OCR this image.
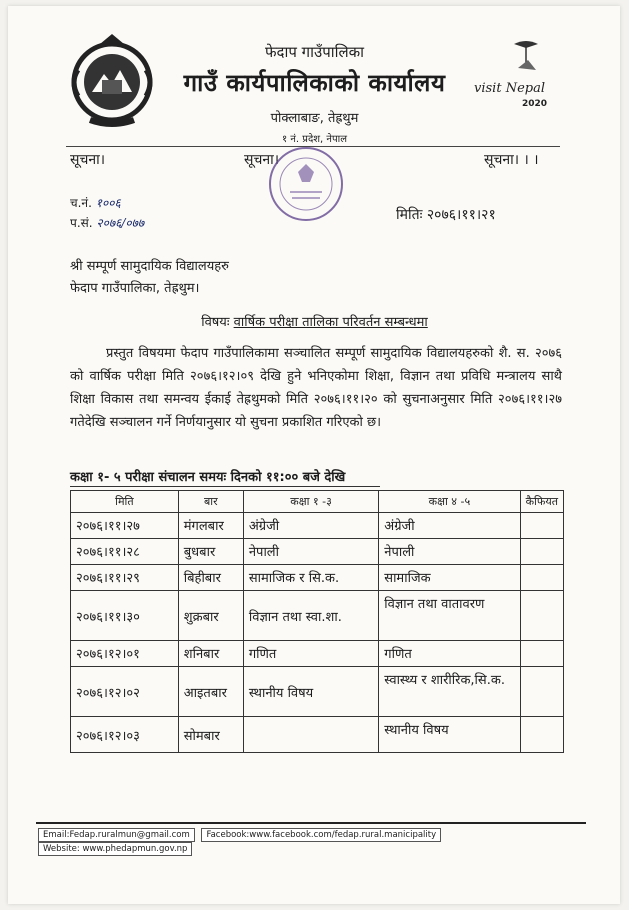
फेदाप गाउँपालिका
गाउँ कार्यपालिकाको कार्यालय
पोक्लाबाङ, तेह्रथुम
१ नं. प्रदेश, नेपाल
visit Nepal
2020
सूचना।	सूचना।	सूचना। । ।
च.नं. १००६
प.सं. २०७६/०७७	मितिः २०७६।११।२१
श्री सम्पूर्ण सामुदायिक विद्यालयहरु
फेदाप गाउँपालिका, तेह्रथुम।
विषयः वार्षिक परीक्षा तालिका परिवर्तन सम्बन्धमा
प्रस्तुत विषयमा फेदाप गाउँपालिकामा सञ्चालित सम्पूर्ण सामुदायिक विद्यालयहरुको शै. स. २०७६ को वार्षिक परीक्षा मिति २०७६।१२।०९ देखि हुने भनिएकोमा शिक्षा, विज्ञान तथा प्रविधि मन्त्रालय साथै शिक्षा विकास तथा समन्वय ईकाई तेह्रथुमको मिति २०७६।११।२० को सुचनाअनुसार मिति २०७६।११।२७ गतेदेखि सञ्चालन गर्ने निर्णयानुसार यो सुचना प्रकाशित गरिएको छ।
कक्षा १- ५ परीक्षा संचालन समयः दिनको ११:०० बजे देखि
मिति	बार	कक्षा १ -३	कक्षा ४ -५	कैफियत
२०७६।११।२७	मंगलबार	अंग्रेजी	अंग्रेजी	
२०७६।११।२८	बुधबार	नेपाली	नेपाली	
२०७६।११।२९	बिहीबार	सामाजिक र सि.क.	सामाजिक	
२०७६।११।३०	शुक्रबार	विज्ञान तथा स्वा.शा.	विज्ञान तथा वातावरण	
२०७६।१२।०१	शनिबार	गणित	गणित	
२०७६।१२।०२	आइतबार	स्थानीय विषय	स्वास्थ्य र शारीरिक,सि.क.	
२०७६।१२।०३	सोमबार		स्थानीय विषय	
Email:Fedap.ruralmun@gmail.com Facebook:www.facebook.com/fedap.rural.manicipality Website: www.phedapmun.gov.np
